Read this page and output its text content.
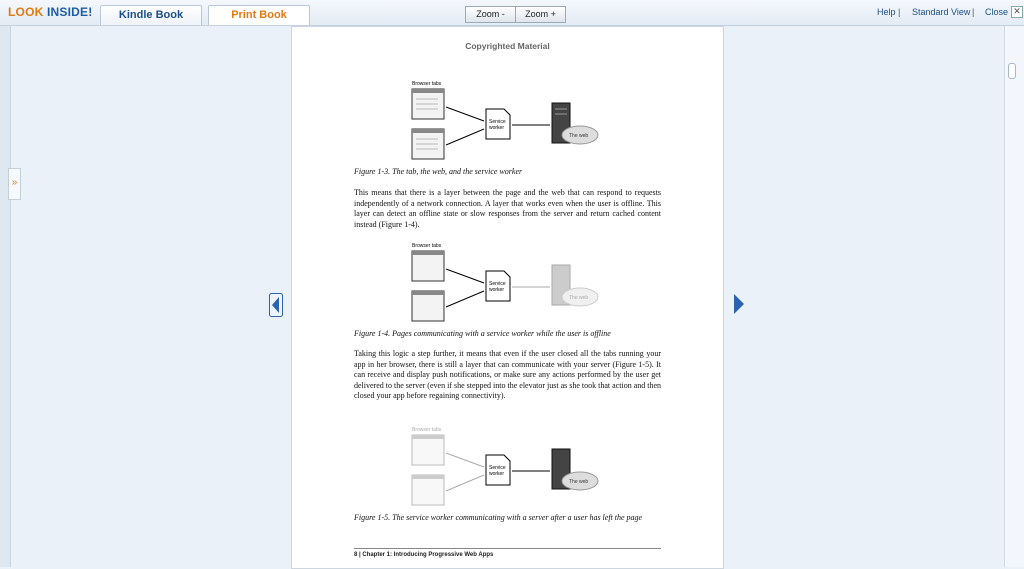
LOOK INSIDE!	Kindle Book	Print Book	Zoom -	Zoom +	Help | Standard View | Close ✕
»
Copyrighted Material
Browser tabs
Service
worker
The web
Figure 1-3. The tab, the web, and the service worker
This means that there is a layer between the page and the web that can respond to requests independently of a network connection. A layer that works even when the user is offline. This layer can detect an offline state or slow responses from the server and return cached content instead (Figure 1-4).
Browser tabs
Service
worker
The web
Figure 1-4. Pages communicating with a service worker while the user is offline
Taking this logic a step further, it means that even if the user closed all the tabs running your app in her browser, there is still a layer that can communicate with your server (Figure 1-5). It can receive and display push notifications, or make sure any actions performed by the user get delivered to the server (even if she stepped into the elevator just as she took that action and then closed your app before regaining connectivity).
Browser tabs
Service
worker
The web
Figure 1-5. The service worker communicating with a server after a user has left the page
8 | Chapter 1: Introducing Progressive Web Apps
